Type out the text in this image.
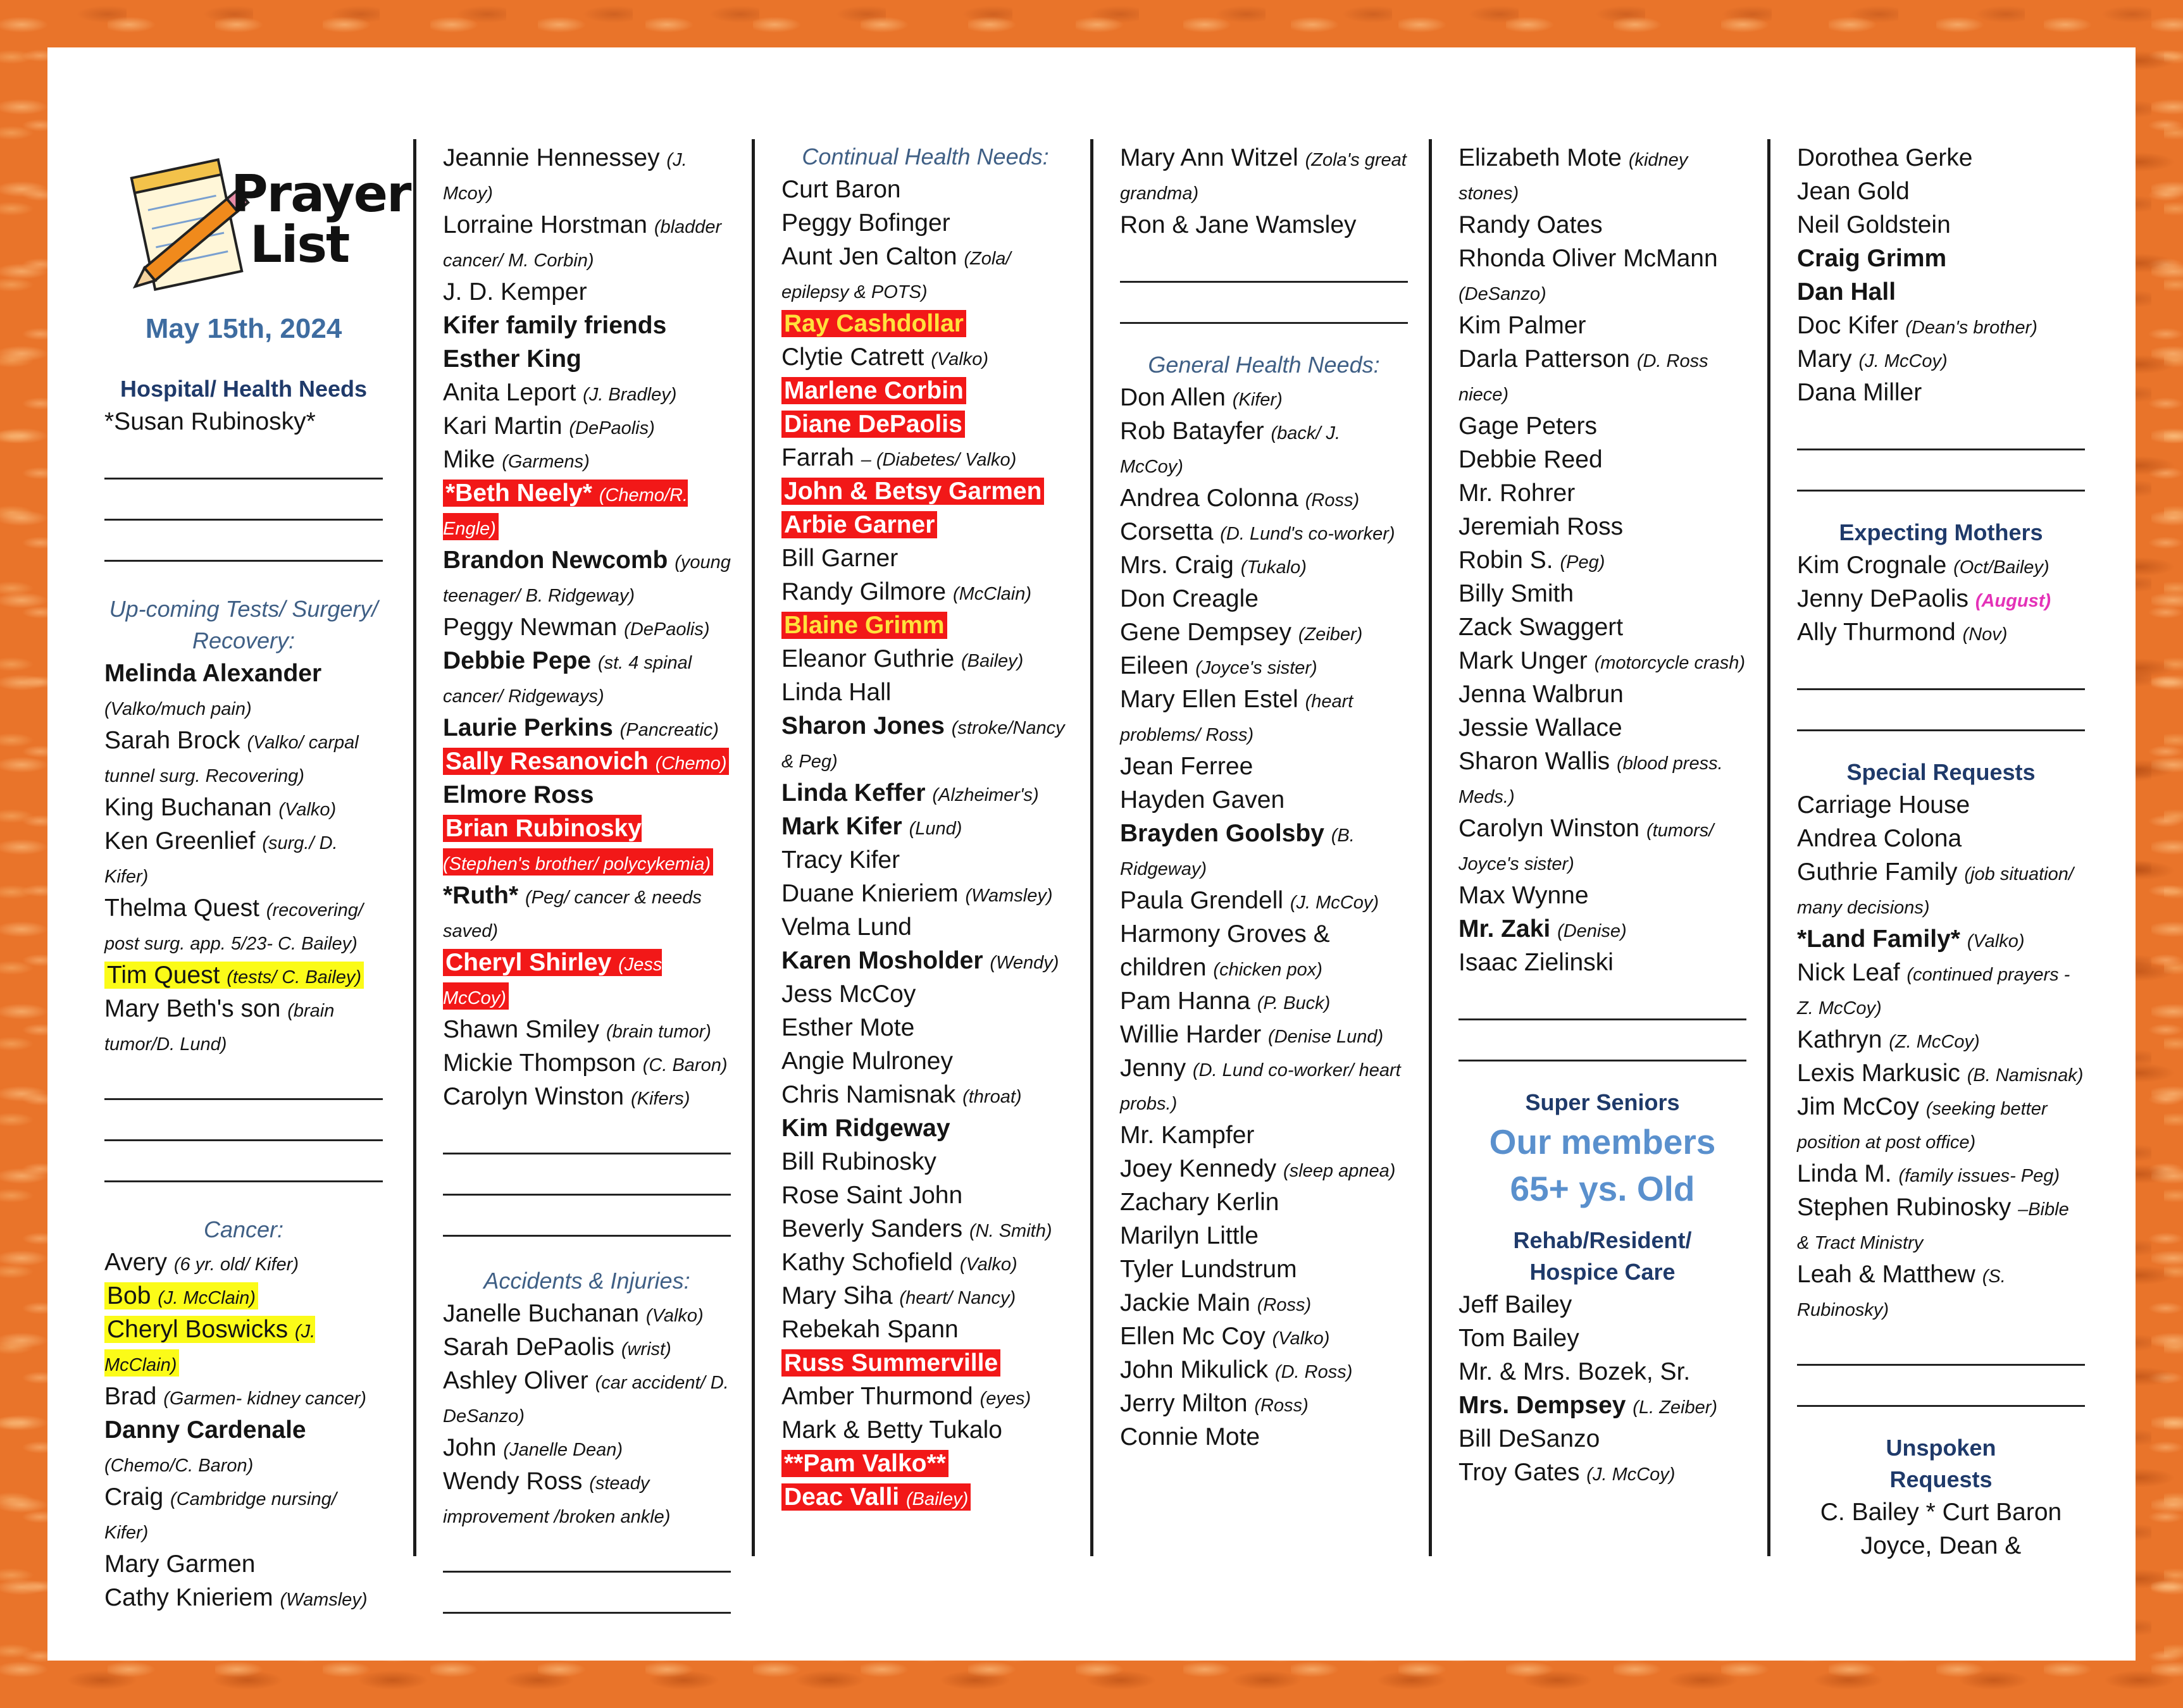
Prayer
List
May 15th, 2024
Hospital/ Health Needs
*Susan Rubinosky*
Up-coming Tests/ Surgery/ Recovery:
Melinda Alexander (Valko/much pain)
Sarah Brock (Valko/ carpal tunnel surg. Recovering)
King Buchanan (Valko)
Ken Greenlief (surg./ D. Kifer)
Thelma Quest (recovering/ post surg. app. 5/23- C. Bailey)
Tim Quest (tests/ C. Bailey)
Mary Beth's son (brain tumor/D. Lund)
Cancer:
Avery (6 yr. old/ Kifer)
Bob (J. McClain)
Cheryl Boswicks (J. McClain)
Brad (Garmen- kidney cancer)
Danny Cardenale (Chemo/C. Baron)
Craig (Cambridge nursing/ Kifer)
Mary Garmen
Cathy Knieriem (Wamsley)
Jeannie Hennessey (J. Mcoy)
Lorraine Horstman (bladder cancer/ M. Corbin)
J. D. Kemper
Kifer family friends
Esther King
Anita Leport (J. Bradley)
Kari Martin (DePaolis)
Mike (Garmens)
*Beth Neely* (Chemo/R. Engle)
Brandon Newcomb (young teenager/ B. Ridgeway)
Peggy Newman (DePaolis)
Debbie Pepe (st. 4 spinal cancer/ Ridgeways)
Laurie Perkins (Pancreatic)
Sally Resanovich (Chemo)
Elmore Ross
Brian Rubinosky (Stephen's brother/ polycykemia)
*Ruth* (Peg/ cancer & needs saved)
Cheryl Shirley (Jess McCoy)
Shawn Smiley (brain tumor)
Mickie Thompson (C. Baron)
Carolyn Winston (Kifers)
Accidents & Injuries:
Janelle Buchanan (Valko)
Sarah DePaolis (wrist)
Ashley Oliver (car accident/ D. DeSanzo)
John (Janelle Dean)
Wendy Ross (steady improvement /broken ankle)
Continual Health Needs:
Curt Baron
Peggy Bofinger
Aunt Jen Calton (Zola/ epilepsy & POTS)
Ray Cashdollar
Clytie Catrett (Valko)
Marlene Corbin
Diane DePaolis
Farrah – (Diabetes/ Valko)
John & Betsy Garmen
Arbie Garner
Bill Garner
Randy Gilmore (McClain)
Blaine Grimm
Eleanor Guthrie (Bailey)
Linda Hall
Sharon Jones (stroke/Nancy & Peg)
Linda Keffer (Alzheimer's)
Mark Kifer (Lund)
Tracy Kifer
Duane Knieriem (Wamsley)
Velma Lund
Karen Mosholder (Wendy)
Jess McCoy
Esther Mote
Angie Mulroney
Chris Namisnak (throat)
Kim Ridgeway
Bill Rubinosky
Rose Saint John
Beverly Sanders (N. Smith)
Kathy Schofield (Valko)
Mary Siha (heart/ Nancy)
Rebekah Spann
Russ Summerville
Amber Thurmond (eyes)
Mark & Betty Tukalo
**Pam Valko**
Deac Valli (Bailey)
Mary Ann Witzel (Zola's great grandma)
Ron & Jane Wamsley
General Health Needs:
Don Allen (Kifer)
Rob Batayfer (back/ J. McCoy)
Andrea Colonna (Ross)
Corsetta (D. Lund's co-worker)
Mrs. Craig (Tukalo)
Don Creagle
Gene Dempsey (Zeiber)
Eileen (Joyce's sister)
Mary Ellen Estel (heart problems/ Ross)
Jean Ferree
Hayden Gaven
Brayden Goolsby (B. Ridgeway)
Paula Grendell (J. McCoy)
Harmony Groves & children (chicken pox)
Pam Hanna (P. Buck)
Willie Harder (Denise Lund)
Jenny (D. Lund co-worker/ heart probs.)
Mr. Kampfer
Joey Kennedy (sleep apnea)
Zachary Kerlin
Marilyn Little
Tyler Lundstrum
Jackie Main (Ross)
Ellen Mc Coy (Valko)
John Mikulick (D. Ross)
Jerry Milton (Ross)
Connie Mote
Elizabeth Mote (kidney stones)
Randy Oates
Rhonda Oliver McMann (DeSanzo)
Kim Palmer
Darla Patterson (D. Ross niece)
Gage Peters
Debbie Reed
Mr. Rohrer
Jeremiah Ross
Robin S. (Peg)
Billy Smith
Zack Swaggert
Mark Unger (motorcycle crash)
Jenna Walbrun
Jessie Wallace
Sharon Wallis (blood press. Meds.)
Carolyn Winston (tumors/ Joyce's sister)
Max Wynne
Mr. Zaki (Denise)
Isaac Zielinski
Super Seniors
Our members
65+ ys. Old
Rehab/Resident/
Hospice Care
Jeff Bailey
Tom Bailey
Mr. & Mrs. Bozek, Sr.
Mrs. Dempsey (L. Zeiber)
Bill DeSanzo
Troy Gates (J. McCoy)
Dorothea Gerke
Jean Gold
Neil Goldstein
Craig Grimm
Dan Hall
Doc Kifer (Dean's brother)
Mary (J. McCoy)
Dana Miller
Expecting Mothers
Kim Crognale (Oct/Bailey)
Jenny DePaolis (August)
Ally Thurmond (Nov)
Special Requests
Carriage House
Andrea Colona
Guthrie Family (job situation/ many decisions)
*Land Family* (Valko)
Nick Leaf (continued prayers - Z. McCoy)
Kathryn (Z. McCoy)
Lexis Markusic (B. Namisnak)
Jim McCoy (seeking better position at post office)
Linda M. (family issues- Peg)
Stephen Rubinosky –Bible & Tract Ministry
Leah & Matthew (S. Rubinosky)
Unspoken
Requests
C. Bailey * Curt Baron
Joyce, Dean &
